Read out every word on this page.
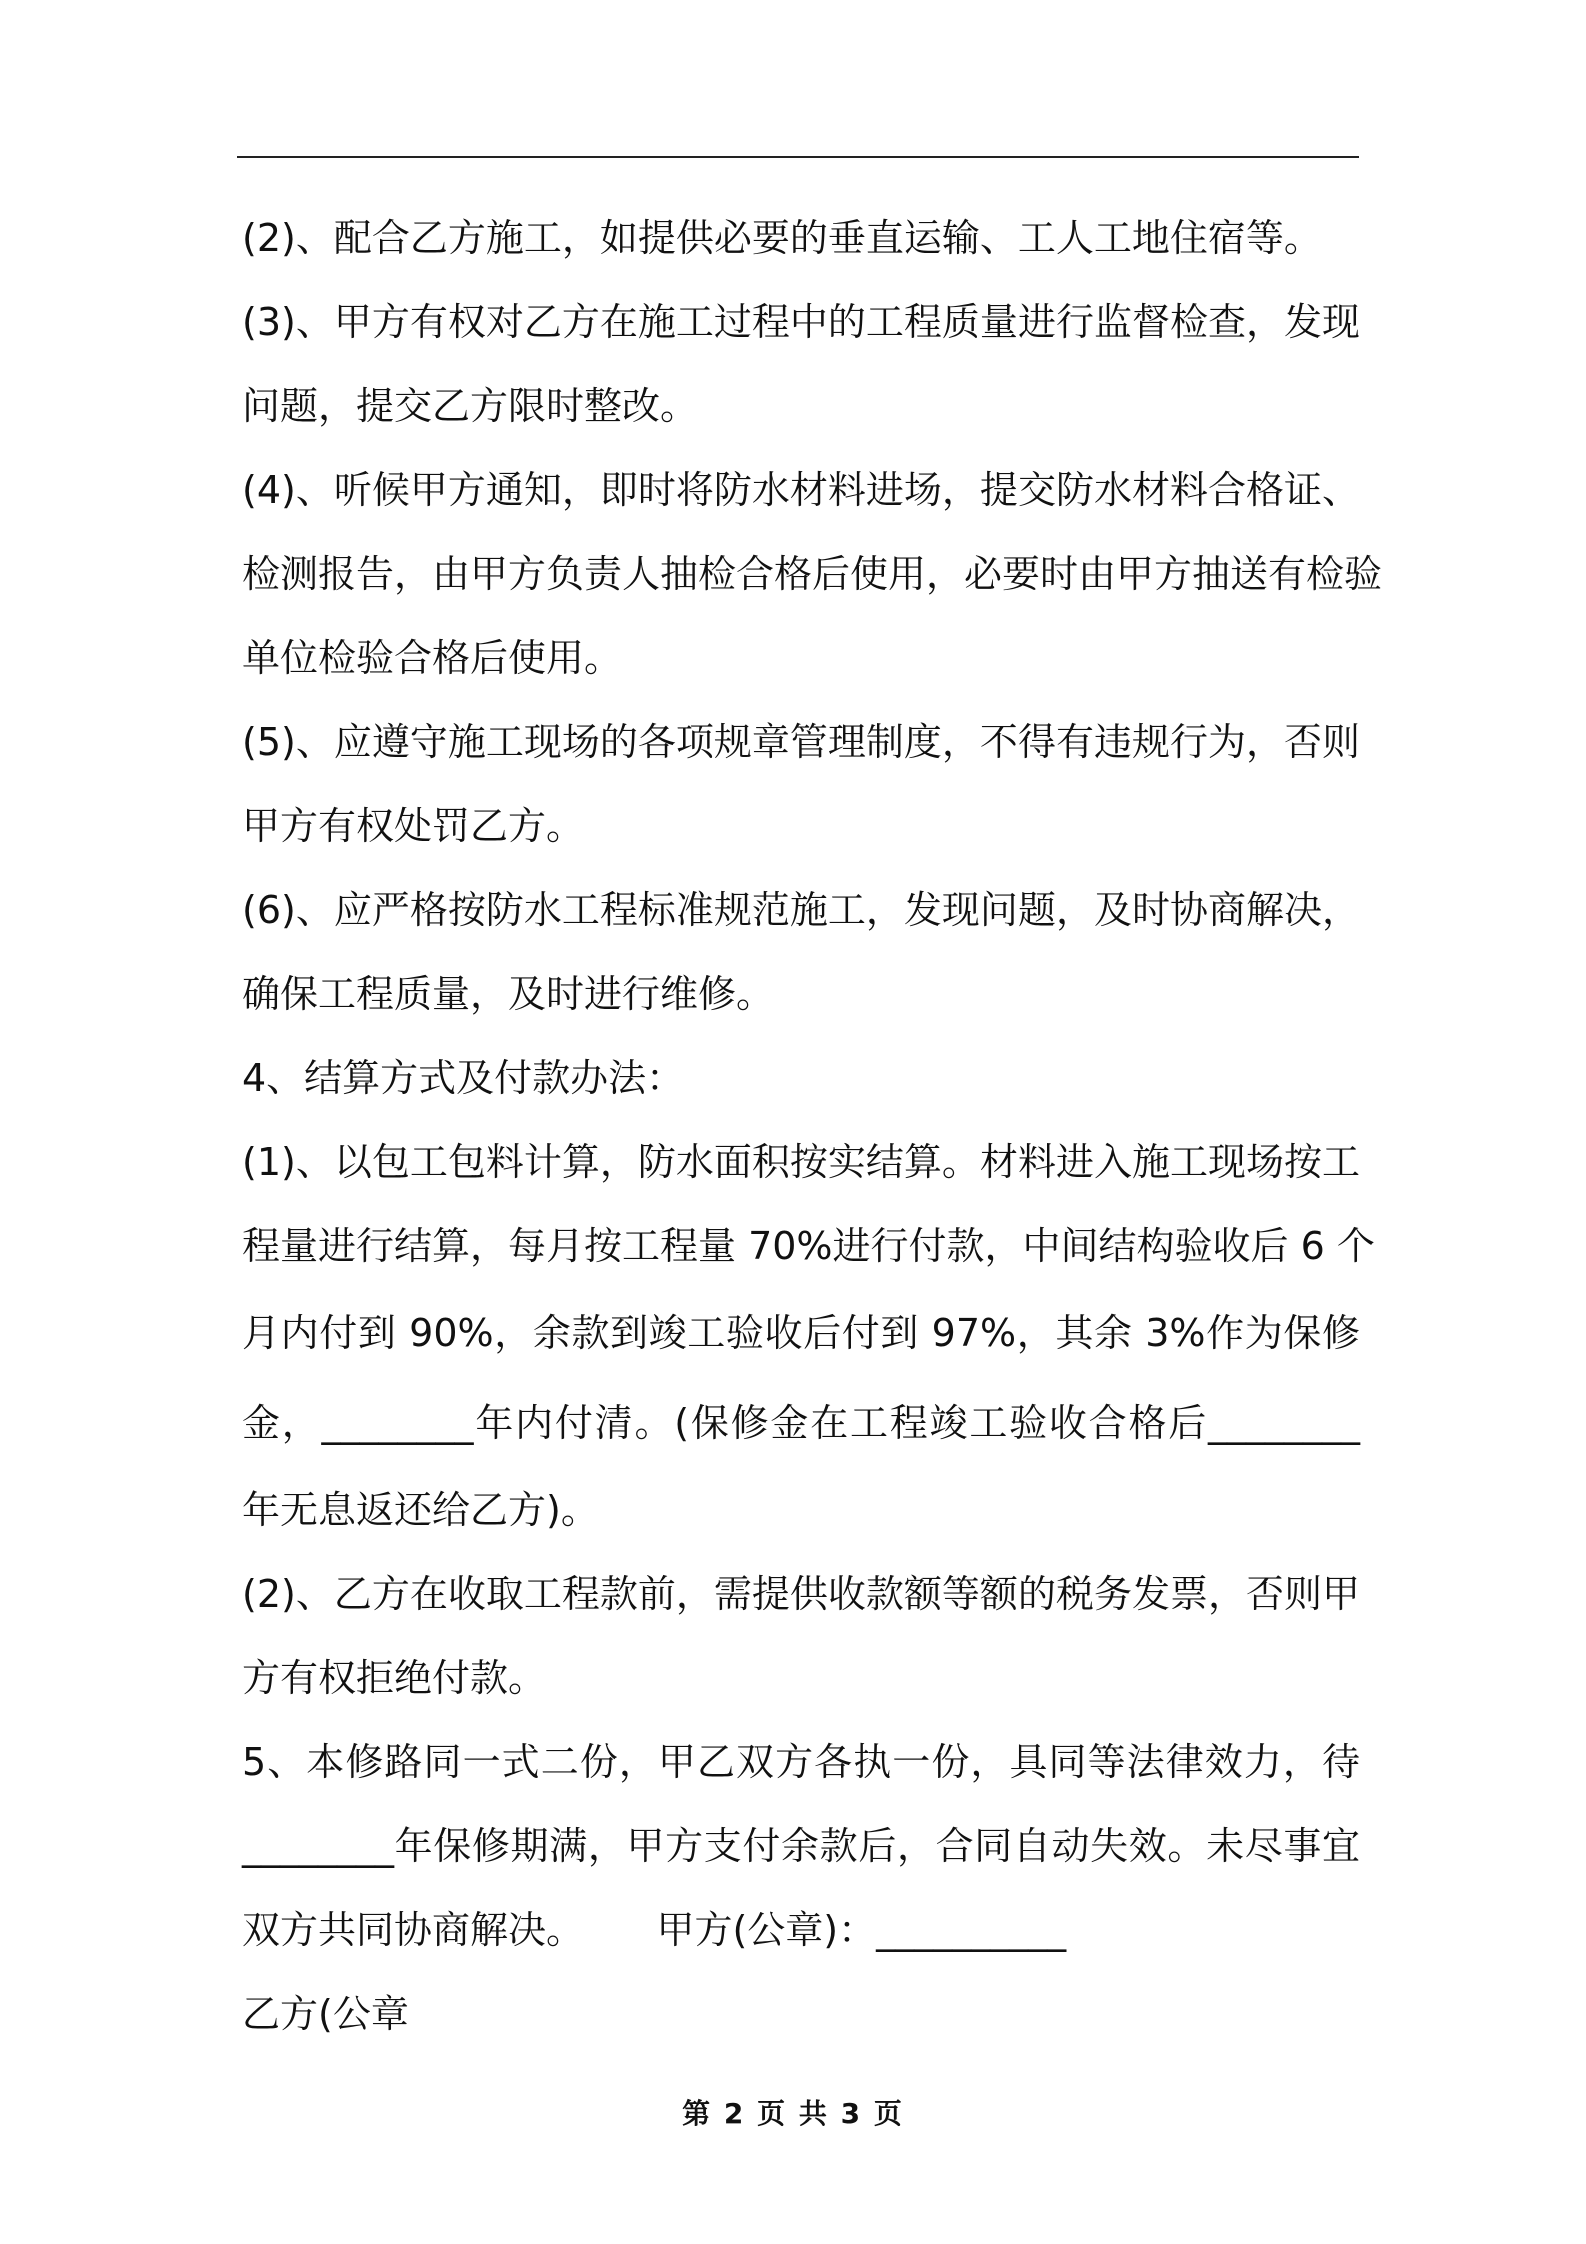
(2)、配合乙方施工，如提供必要的垂直运输、工人工地住宿等。
(3)、甲方有权对乙方在施工过程中的工程质量进行监督检查，发现
问题，提交乙方限时整改。
(4)、听候甲方通知，即时将防水材料进场，提交防水材料合格证、
检测报告，由甲方负责人抽检合格后使用，必要时由甲方抽送有检验
单位检验合格后使用。
(5)、应遵守施工现场的各项规章管理制度，不得有违规行为，否则
甲方有权处罚乙方。
(6)、应严格按防水工程标准规范施工，发现问题，及时协商解决，
确保工程质量，及时进行维修。
4、结算方式及付款办法：
(1)、以包工包料计算，防水面积按实结算。材料进入施工现场按工
程量进行结算，每月按工程量 70%进行付款，中间结构验收后 6 个
月内付到 90%，余款到竣工验收后付到 97%，其余 3%作为保修
金，________年内付清。(保修金在工程竣工验收合格后________
年无息返还给乙方)。
(2)、乙方在收取工程款前，需提供收款额等额的税务发票，否则甲
方有权拒绝付款。
5、本修路同一式二份，甲乙双方各执一份，具同等法律效力，待
________年保修期满，甲方支付余款后，合同自动失效。未尽事宜
双方共同协商解决。      甲方(公章)：__________
乙方(公章
第 2 页 共 3 页
